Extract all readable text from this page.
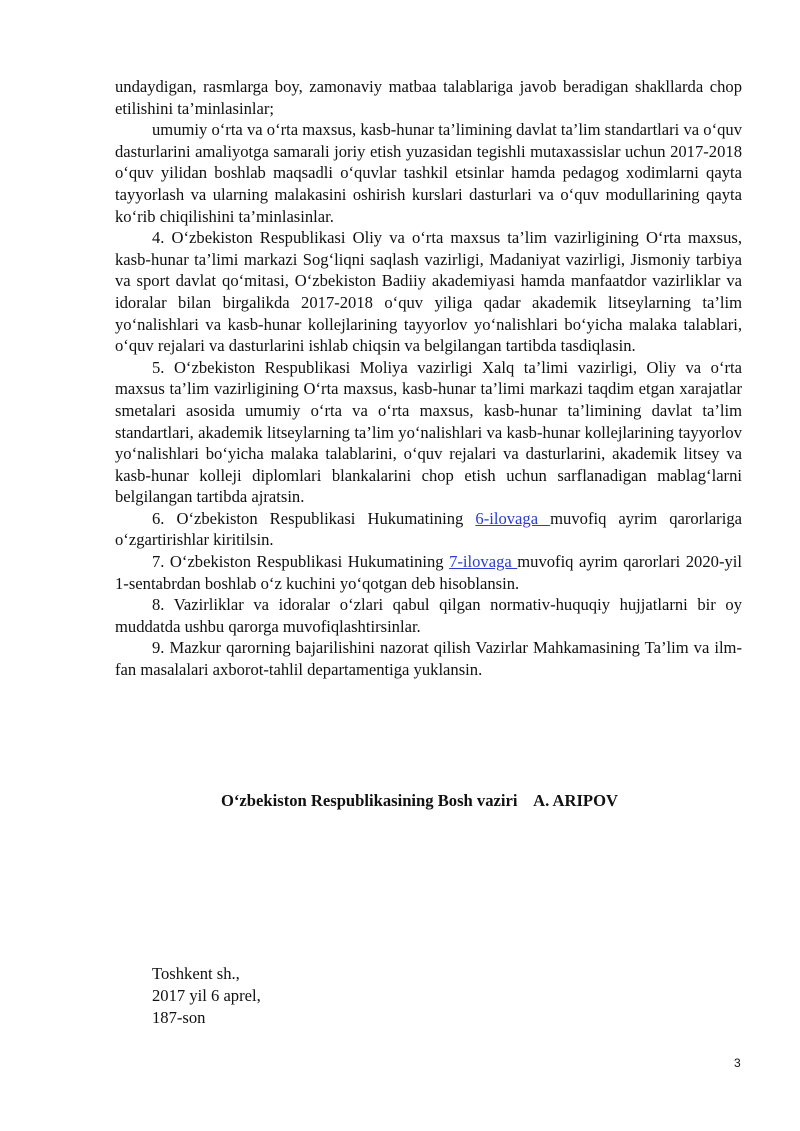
undaydigan, rasmlarga boy, zamonaviy matbaa talablariga javob beradigan shakllarda chop etilishini ta’minlasinlar;

umumiy o‘rta va o‘rta maxsus, kasb-hunar ta’limining davlat ta’lim standartlari va o‘quv dasturlarini amaliyotga samarali joriy etish yuzasidan tegishli mutaxassislar uchun 2017-2018 o‘quv yilidan boshlab maqsadli o‘quvlar tashkil etsinlar hamda pedagog xodimlarni qayta tayyorlash va ularning malakasini oshirish kurslari dasturlari va o‘quv modullarining qayta ko‘rib chiqilishini ta’minlasinlar.

4. O‘zbekiston Respublikasi Oliy va o‘rta maxsus ta’lim vazirligining O‘rta maxsus, kasb-hunar ta’limi markazi Sog‘liqni saqlash vazirligi, Madaniyat vazirligi, Jismoniy tarbiya va sport davlat qo‘mitasi, O‘zbekiston Badiiy akademiyasi hamda manfaatdor vazirliklar va idoralar bilan birgalikda 2017-2018 o‘quv yiliga qadar akademik litseylarning ta’lim yo‘nalishlari va kasb-hunar kollejlarining tayyorlov yo‘nalishlari bo‘yicha malaka talablari, o‘quv rejalari va dasturlarini ishlab chiqsin va belgilangan tartibda tasdiqlasin.

5. O‘zbekiston Respublikasi Moliya vazirligi Xalq ta’limi vazirligi, Oliy va o‘rta maxsus ta’lim vazirligining O‘rta maxsus, kasb-hunar ta’limi markazi taqdim etgan xarajatlar smetalari asosida umumiy o‘rta va o‘rta maxsus, kasb-hunar ta’limining davlat ta’lim standartlari, akademik litseylarning ta’lim yo‘nalishlari va kasb-hunar kollejlarining tayyorlov yo‘nalishlari bo‘yicha malaka talablarini, o‘quv rejalari va dasturlarini, akademik litsey va kasb-hunar kolleji diplomlari blankalarini chop etish uchun sarflanadigan mablag‘larni belgilangan tartibda ajratsin.

6. O‘zbekiston Respublikasi Hukumatining 6-ilovaga muvofiq ayrim qarorlariga o‘zgartirishlar kiritilsin.

7. O‘zbekiston Respublikasi Hukumatining 7-ilovaga muvofiq ayrim qarorlari 2020-yil 1-sentabrdan boshlab o‘z kuchini yo‘qotgan deb hisoblansin.

8. Vazirliklar va idoralar o‘zlari qabul qilgan normativ-huquqiy hujjatlarni bir oy muddatda ushbu qarorga muvofiqlashtirsinlar.

9. Mazkur qarorning bajarilishini nazorat qilish Vazirlar Mahkamasining Ta’lim va ilm-fan masalalari axborot-tahlil departamentiga yuklansin.

O‘zbekiston Respublikasining Bosh vaziri A. ARIPOV
Toshkent sh.,
2017 yil 6 aprel,
187-son
3
